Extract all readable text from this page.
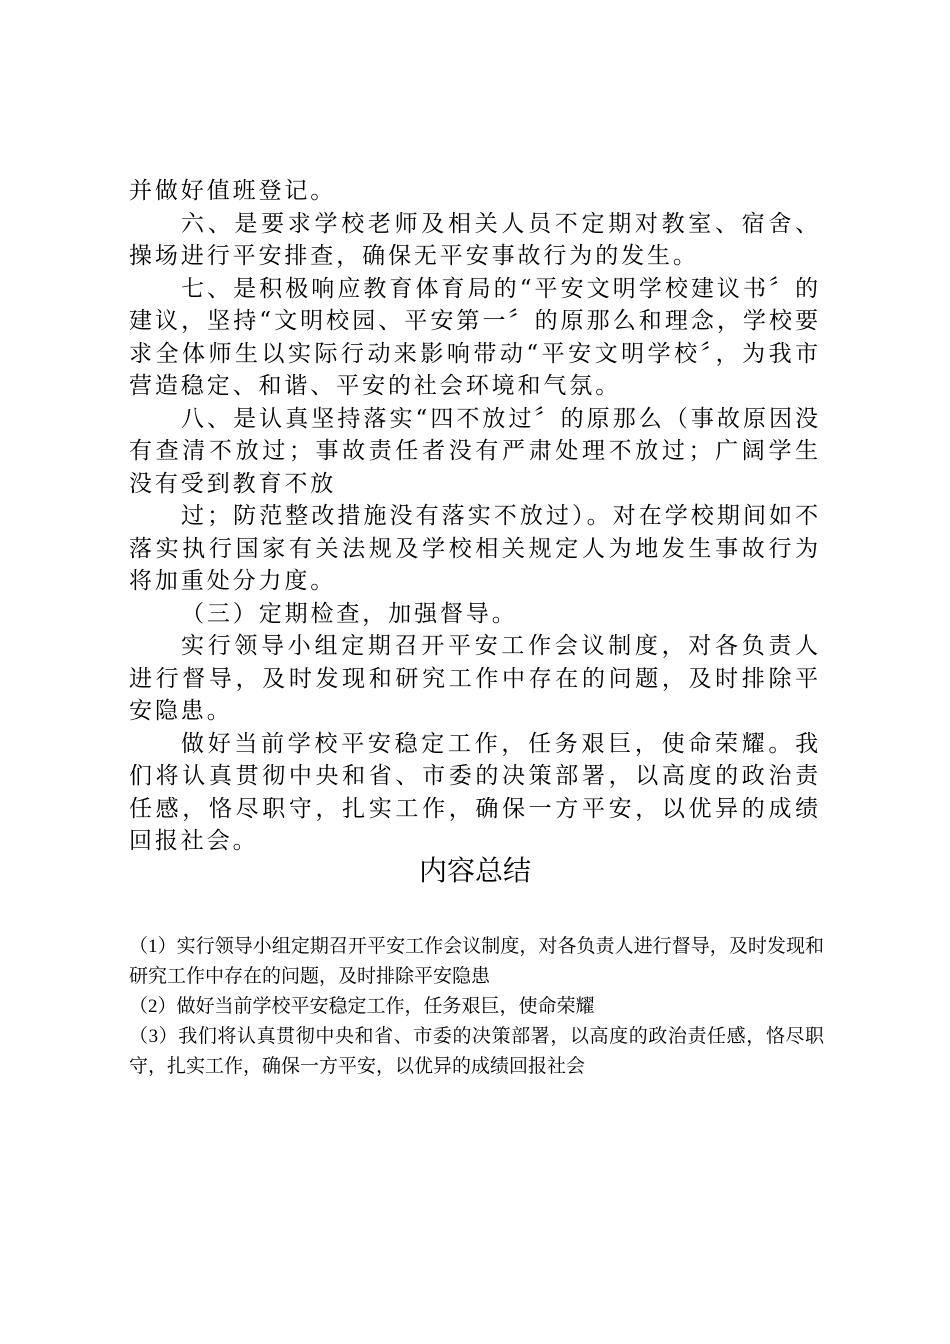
并做好值班登记。

六、是要求学校老师及相关人员不定期对教室、宿舍、操场进行平安排查，确保无平安事故行为的发生。

七、是积极响应教育体育局的“平安文明学校建议书〞的建议，坚持“文明校园、平安第一〞的原那么和理念，学校要求全体师生以实际行动来影响带动“平安文明学校〞，为我市营造稳定、和谐、平安的社会环境和气氛。

八、是认真坚持落实“四不放过〞的原那么（事故原因没有查清不放过；事故责任者没有严肃处理不放过；广阔学生没有受到教育不放

过；防范整改措施没有落实不放过）。对在学校期间如不落实执行国家有关法规及学校相关规定人为地发生事故行为将加重处分力度。

（三）定期检查，加强督导。

实行领导小组定期召开平安工作会议制度，对各负责人进行督导，及时发现和研究工作中存在的问题，及时排除平安隐患。

做好当前学校平安稳定工作，任务艰巨，使命荣耀。我们将认真贯彻中央和省、市委的决策部署，以高度的政治责任感，恪尽职守，扎实工作，确保一方平安，以优异的成绩回报社会。

内容总结

（1）实行领导小组定期召开平安工作会议制度，对各负责人进行督导，及时发现和研究工作中存在的问题，及时排除平安隐患

（2）做好当前学校平安稳定工作，任务艰巨，使命荣耀

（3）我们将认真贯彻中央和省、市委的决策部署，以高度的政治责任感，恪尽职守，扎实工作，确保一方平安，以优异的成绩回报社会
